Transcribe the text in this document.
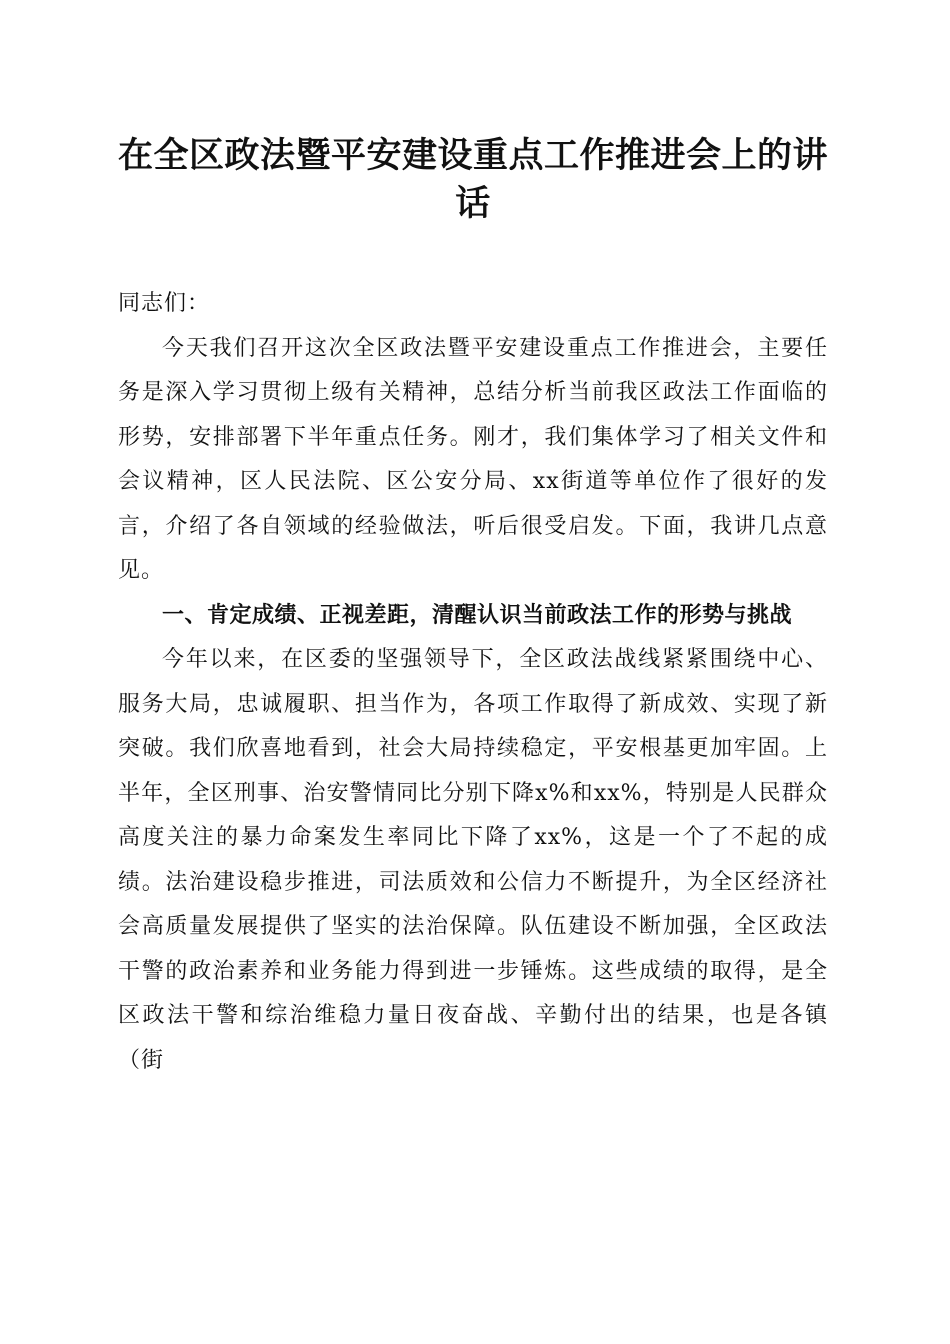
在全区政法暨平安建设重点工作推进会上的讲话

同志们：

今天我们召开这次全区政法暨平安建设重点工作推进会，主要任务是深入学习贯彻上级有关精神，总结分析当前我区政法工作面临的形势，安排部署下半年重点任务。刚才，我们集体学习了相关文件和会议精神，区人民法院、区公安分局、xx街道等单位作了很好的发言，介绍了各自领域的经验做法，听后很受启发。下面，我讲几点意见。

一、肯定成绩、正视差距，清醒认识当前政法工作的形势与挑战

今年以来，在区委的坚强领导下，全区政法战线紧紧围绕中心、服务大局，忠诚履职、担当作为，各项工作取得了新成效、实现了新突破。我们欣喜地看到，社会大局持续稳定，平安根基更加牢固。上半年，全区刑事、治安警情同比分别下降x%和xx%，特别是人民群众高度关注的暴力命案发生率同比下降了xx%，这是一个了不起的成绩。法治建设稳步推进，司法质效和公信力不断提升，为全区经济社会高质量发展提供了坚实的法治保障。队伍建设不断加强，全区政法干警的政治素养和业务能力得到进一步锤炼。这些成绩的取得，是全区政法干警和综治维稳力量日夜奋战、辛勤付出的结果，也是各镇（街
